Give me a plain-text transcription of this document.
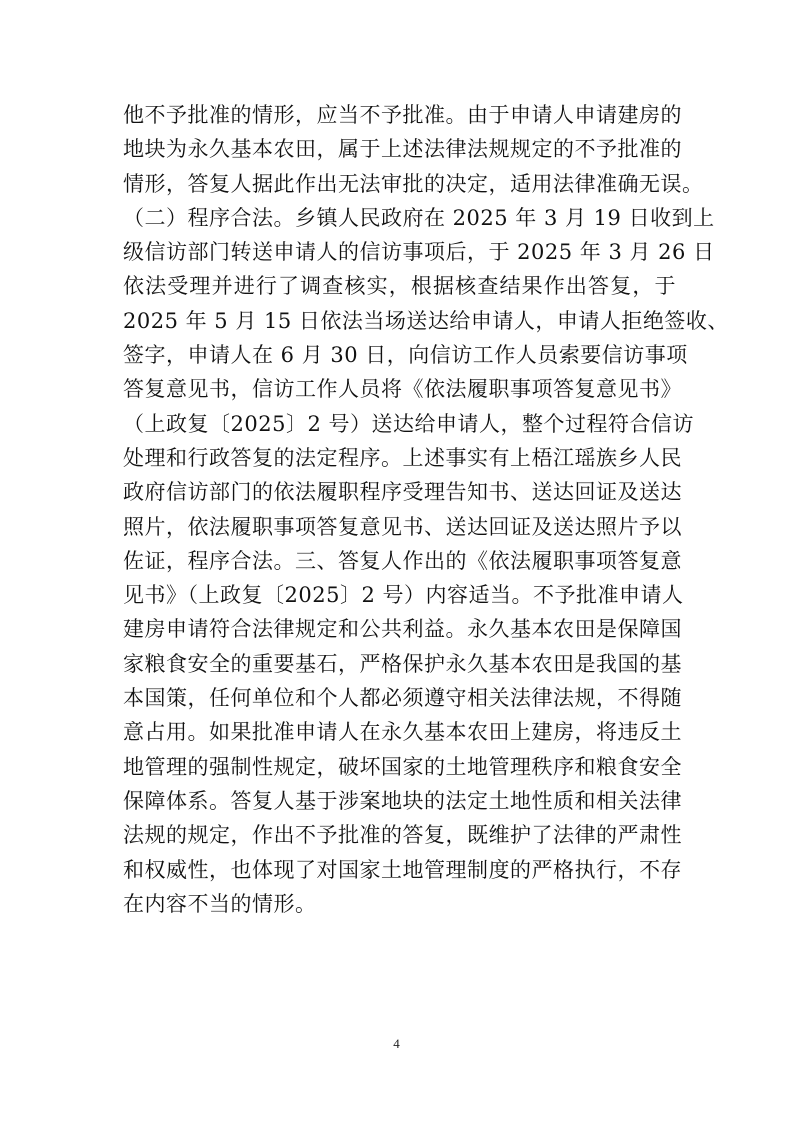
他不予批准的情形，应当不予批准。由于申请人申请建房的
地块为永久基本农田，属于上述法律法规规定的不予批准的
情形，答复人据此作出无法审批的决定，适用法律准确无误。
（二）程序合法。乡镇人民政府在 2025 年 3 月 19 日收到上
级信访部门转送申请人的信访事项后，于 2025 年 3 月 26 日
依法受理并进行了调查核实，根据核查结果作出答复，于
2025 年 5 月 15 日依法当场送达给申请人，申请人拒绝签收、
签字，申请人在 6 月 30 日，向信访工作人员索要信访事项
答复意见书，信访工作人员将《依法履职事项答复意见书》
（上政复〔2025〕2 号）送达给申请人，整个过程符合信访
处理和行政答复的法定程序。上述事实有上梧江瑶族乡人民
政府信访部门的依法履职程序受理告知书、送达回证及送达
照片，依法履职事项答复意见书、送达回证及送达照片予以
佐证，程序合法。三、答复人作出的《依法履职事项答复意
见书》（上政复〔2025〕2 号）内容适当。不予批准申请人
建房申请符合法律规定和公共利益。永久基本农田是保障国
家粮食安全的重要基石，严格保护永久基本农田是我国的基
本国策，任何单位和个人都必须遵守相关法律法规，不得随
意占用。如果批准申请人在永久基本农田上建房，将违反土
地管理的强制性规定，破坏国家的土地管理秩序和粮食安全
保障体系。答复人基于涉案地块的法定土地性质和相关法律
法规的规定，作出不予批准的答复，既维护了法律的严肃性
和权威性，也体现了对国家土地管理制度的严格执行，不存
在内容不当的情形。
4
